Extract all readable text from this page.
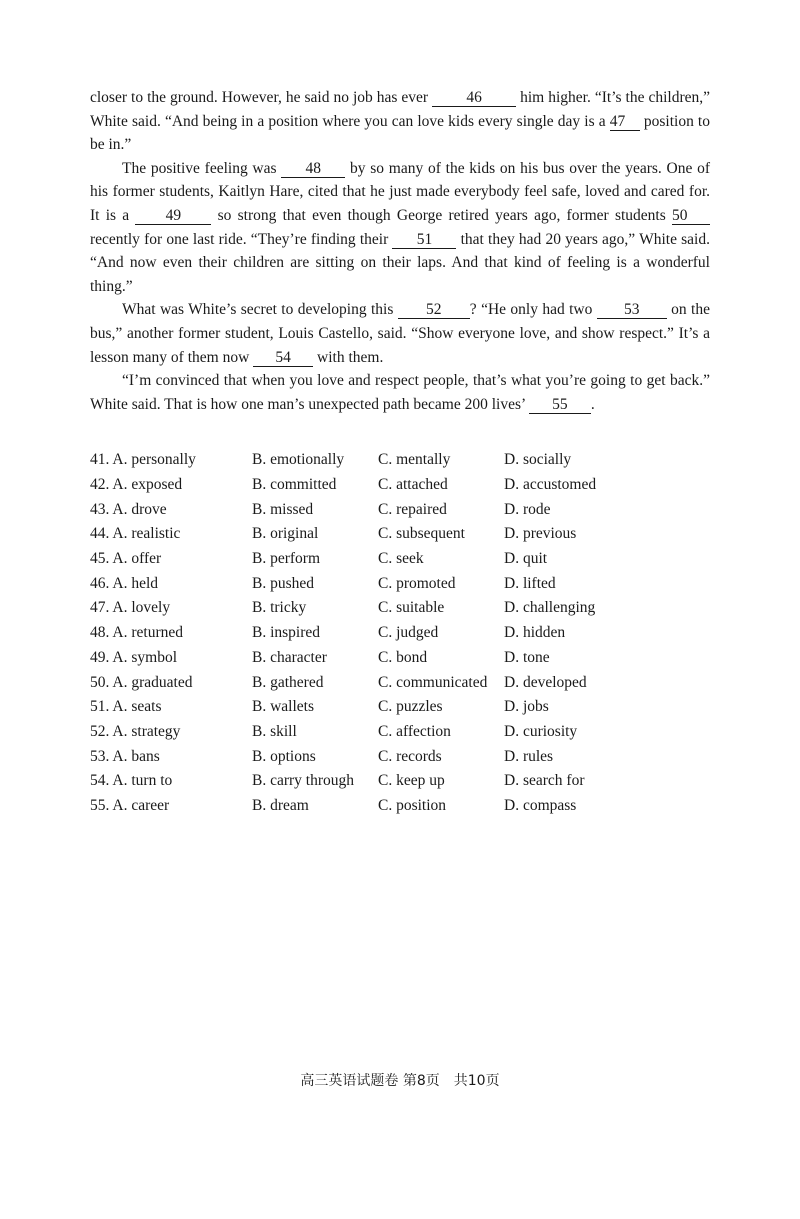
closer to the ground. However, he said no job has ever 46 him higher. “It’s the children,” White said. “And being in a position where you can love kids every single day is a 47 position to be in.”

The positive feeling was 48 by so many of the kids on his bus over the years. One of his former students, Kaitlyn Hare, cited that he just made everybody feel safe, loved and cared for. It is a 49 so strong that even though George retired years ago, former students 50 recently for one last ride. “They’re finding their 51 that they had 20 years ago,” White said. “And now even their children are sitting on their laps. And that kind of feeling is a wonderful thing.”

What was White’s secret to developing this 52 ? “He only had two 53 on the bus,” another former student, Louis Castello, said. “Show everyone love, and show respect.” It’s a lesson many of them now 54 with them.

“I’m convinced that when you love and respect people, that’s what you’re going to get back.” White said. That is how one man’s unexpected path became 200 lives’ 55 .

41. A. personally	B. emotionally	C. mentally	D. socially
42. A. exposed	B. committed	C. attached	D. accustomed
43. A. drove	B. missed	C. repaired	D. rode
44. A. realistic	B. original	C. subsequent	D. previous
45. A. offer	B. perform	C. seek	D. quit
46. A. held	B. pushed	C. promoted	D. lifted
47. A. lovely	B. tricky	C. suitable	D. challenging
48. A. returned	B. inspired	C. judged	D. hidden
49. A. symbol	B. character	C. bond	D. tone
50. A. graduated	B. gathered	C. communicated	D. developed
51. A. seats	B. wallets	C. puzzles	D. jobs
52. A. strategy	B. skill	C. affection	D. curiosity
53. A. bans	B. options	C. records	D. rules
54. A. turn to	B. carry through	C. keep up	D. search for
55. A. career	B. dream	C. position	D. compass
高三英语试题卷 第8页　共10页
